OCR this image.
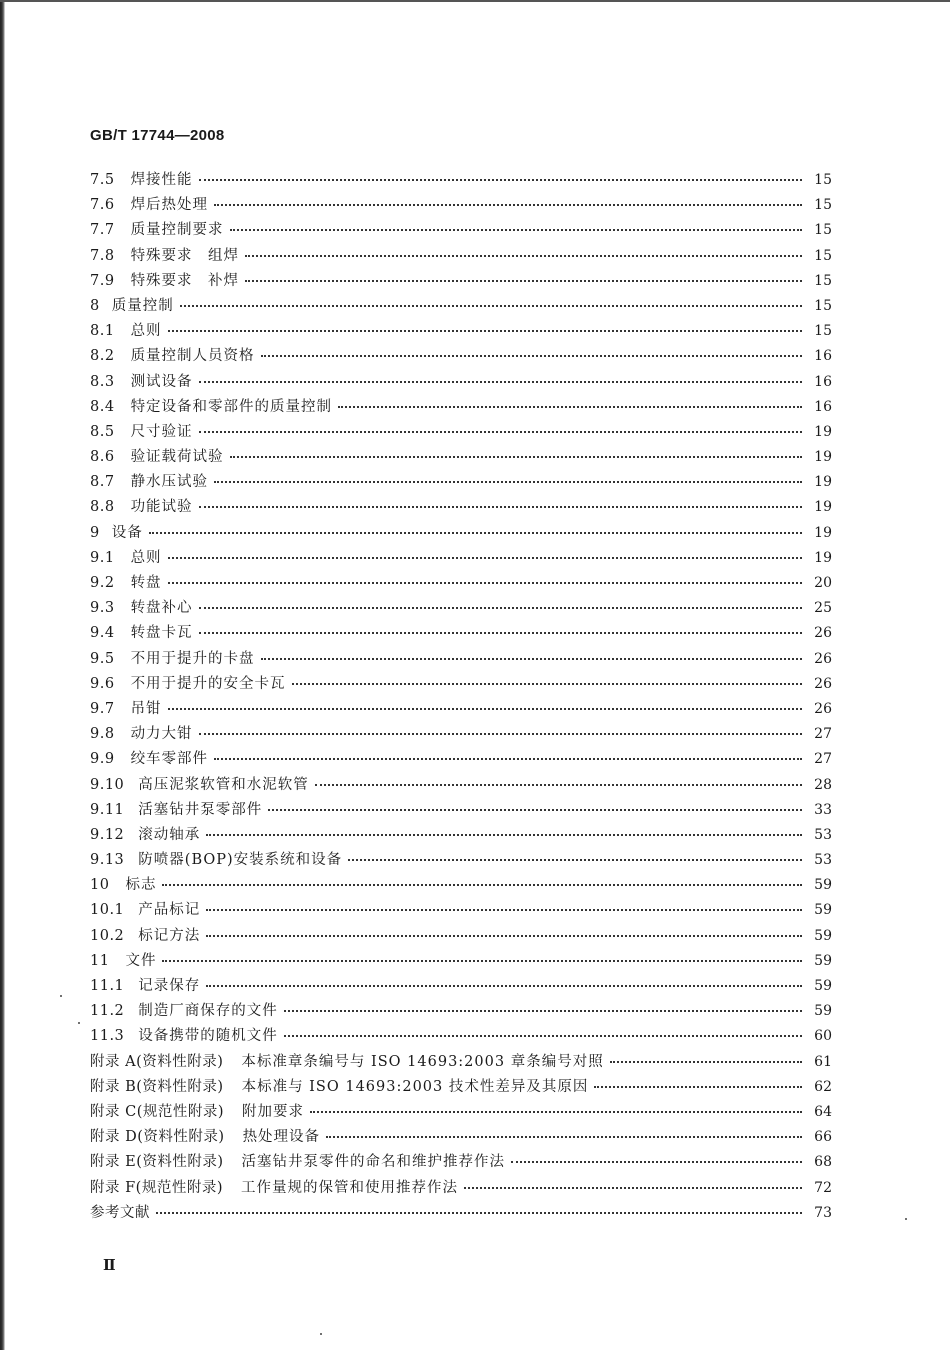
GB/T 17744—2008
7.5 焊接性能	15
7.6 焊后热处理	15
7.7 质量控制要求	15
7.8 特殊要求　组焊	15
7.9 特殊要求　补焊	15
8 质量控制	15
8.1 总则	15
8.2 质量控制人员资格	16
8.3 测试设备	16
8.4 特定设备和零部件的质量控制	16
8.5 尺寸验证	19
8.6 验证载荷试验	19
8.7 静水压试验	19
8.8 功能试验	19
9 设备	19
9.1 总则	19
9.2 转盘	20
9.3 转盘补心	25
9.4 转盘卡瓦	26
9.5 不用于提升的卡盘	26
9.6 不用于提升的安全卡瓦	26
9.7 吊钳	26
9.8 动力大钳	27
9.9 绞车零部件	27
9.10 高压泥浆软管和水泥软管	28
9.11 活塞钻井泵零部件	33
9.12 滚动轴承	53
9.13 防喷器(BOP)安装系统和设备	53
10 标志	59
10.1 产品标记	59
10.2 标记方法	59
11 文件	59
11.1 记录保存	59
11.2 制造厂商保存的文件	59
11.3 设备携带的随机文件	60
附录 A(资料性附录) 本标准章条编号与 ISO 14693:2003 章条编号对照	61
附录 B(资料性附录) 本标准与 ISO 14693:2003 技术性差异及其原因	62
附录 C(规范性附录) 附加要求	64
附录 D(资料性附录) 热处理设备	66
附录 E(资料性附录) 活塞钻井泵零件的命名和维护推荐作法	68
附录 F(规范性附录) 工作量规的保管和使用推荐作法	72
参考文献	73
Ⅱ
